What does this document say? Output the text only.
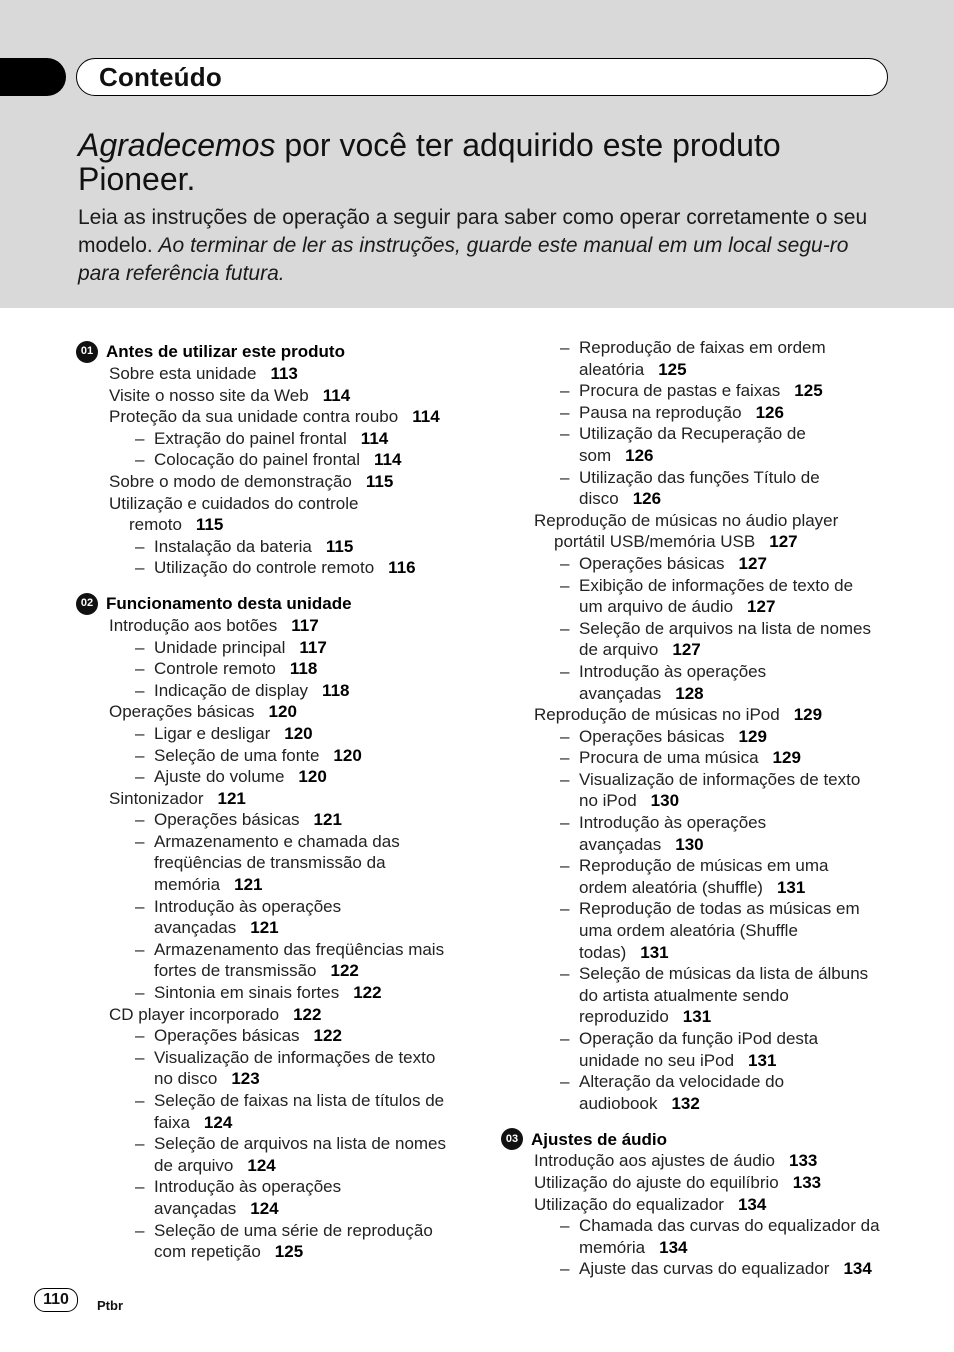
Conteúdo
Agradecemos por você ter adquirido este produto
Pioneer.
Leia as instruções de operação a seguir para saber como operar corretamente o seu modelo. Ao terminar de ler as instruções, guarde este manual em um local segu-ro para referência futura.
01 Antes de utilizar este produto
Sobre esta unidade 113
Visite o nosso site da Web 114
Proteção da sua unidade contra roubo 114
– Extração do painel frontal 114
– Colocação do painel frontal 114
Sobre o modo de demonstração 115
Utilização e cuidados do controle
remoto 115
– Instalação da bateria 115
– Utilização do controle remoto 116
02 Funcionamento desta unidade
Introdução aos botões 117
– Unidade principal 117
– Controle remoto 118
– Indicação de display 118
Operações básicas 120
– Ligar e desligar 120
– Seleção de uma fonte 120
– Ajuste do volume 120
Sintonizador 121
– Operações básicas 121
– Armazenamento e chamada das
freqüências de transmissão da
memória 121
– Introdução às operações
avançadas 121
– Armazenamento das freqüências mais
fortes de transmissão 122
– Sintonia em sinais fortes 122
CD player incorporado 122
– Operações básicas 122
– Visualização de informações de texto
no disco 123
– Seleção de faixas na lista de títulos de
faixa 124
– Seleção de arquivos na lista de nomes
de arquivo 124
– Introdução às operações
avançadas 124
– Seleção de uma série de reprodução
com repetição 125
– Reprodução de faixas em ordem
aleatória 125
– Procura de pastas e faixas 125
– Pausa na reprodução 126
– Utilização da Recuperação de
som 126
– Utilização das funções Título de
disco 126
Reprodução de músicas no áudio player
portátil USB/memória USB 127
– Operações básicas 127
– Exibição de informações de texto de
um arquivo de áudio 127
– Seleção de arquivos na lista de nomes
de arquivo 127
– Introdução às operações
avançadas 128
Reprodução de músicas no iPod 129
– Operações básicas 129
– Procura de uma música 129
– Visualização de informações de texto
no iPod 130
– Introdução às operações
avançadas 130
– Reprodução de músicas em uma
ordem aleatória (shuffle) 131
– Reprodução de todas as músicas em
uma ordem aleatória (Shuffle
todas) 131
– Seleção de músicas da lista de álbuns
do artista atualmente sendo
reproduzido 131
– Operação da função iPod desta
unidade no seu iPod 131
– Alteração da velocidade do
audiobook 132
03 Ajustes de áudio
Introdução aos ajustes de áudio 133
Utilização do ajuste do equilíbrio 133
Utilização do equalizador 134
– Chamada das curvas do equalizador da
memória 134
– Ajuste das curvas do equalizador 134
110	Ptbr
